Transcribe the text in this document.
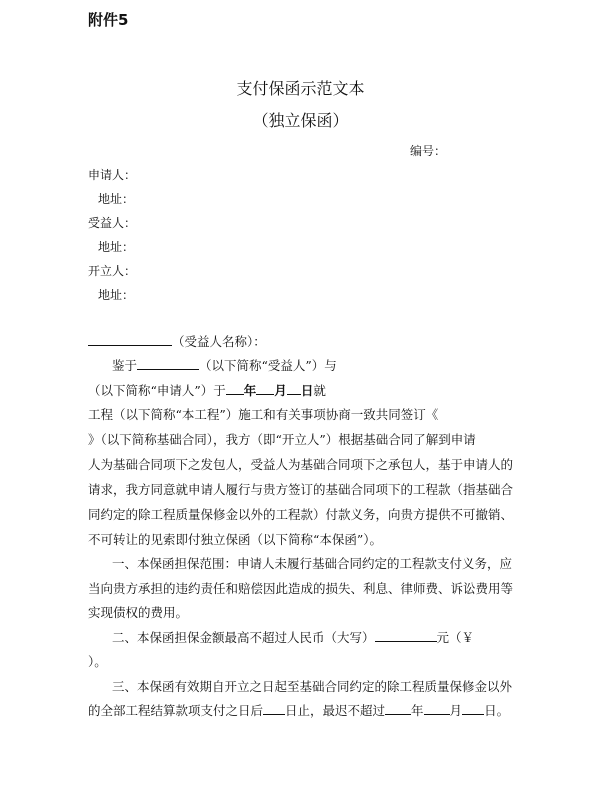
附件5
支付保函示范文本
（独立保函）
编号：
申请人：
地址：
受益人：
地址：
开立人：
地址：
（受益人名称）：
鉴于	（以下简称“受益人”）与
（以下简称“申请人”）于 年 月 日就
工程（以下简称“本工程”）施工和有关事项协商一致共同签订《
》（以下简称基础合同），我方（即“开立人”）根据基础合同了解到申请
人为基础合同项下之发包人，受益人为基础合同项下之承包人，基于申请人的
请求，我方同意就申请人履行与贵方签订的基础合同项下的工程款（指基础合
同约定的除工程质量保修金以外的工程款）付款义务，向贵方提供不可撤销、
不可转让的见索即付独立保函（以下简称“本保函”）。
一、本保函担保范围：申请人未履行基础合同约定的工程款支付义务，应
当向贵方承担的违约责任和赔偿因此造成的损失、利息、律师费、诉讼费用等
实现债权的费用。
二、本保函担保金额最高不超过人民币（大写）	元（￥
）。
三、本保函有效期自开立之日起至基础合同约定的除工程质量保修金以外
的全部工程结算款项支付之日后 日止，最迟不超过 年 月 日。
